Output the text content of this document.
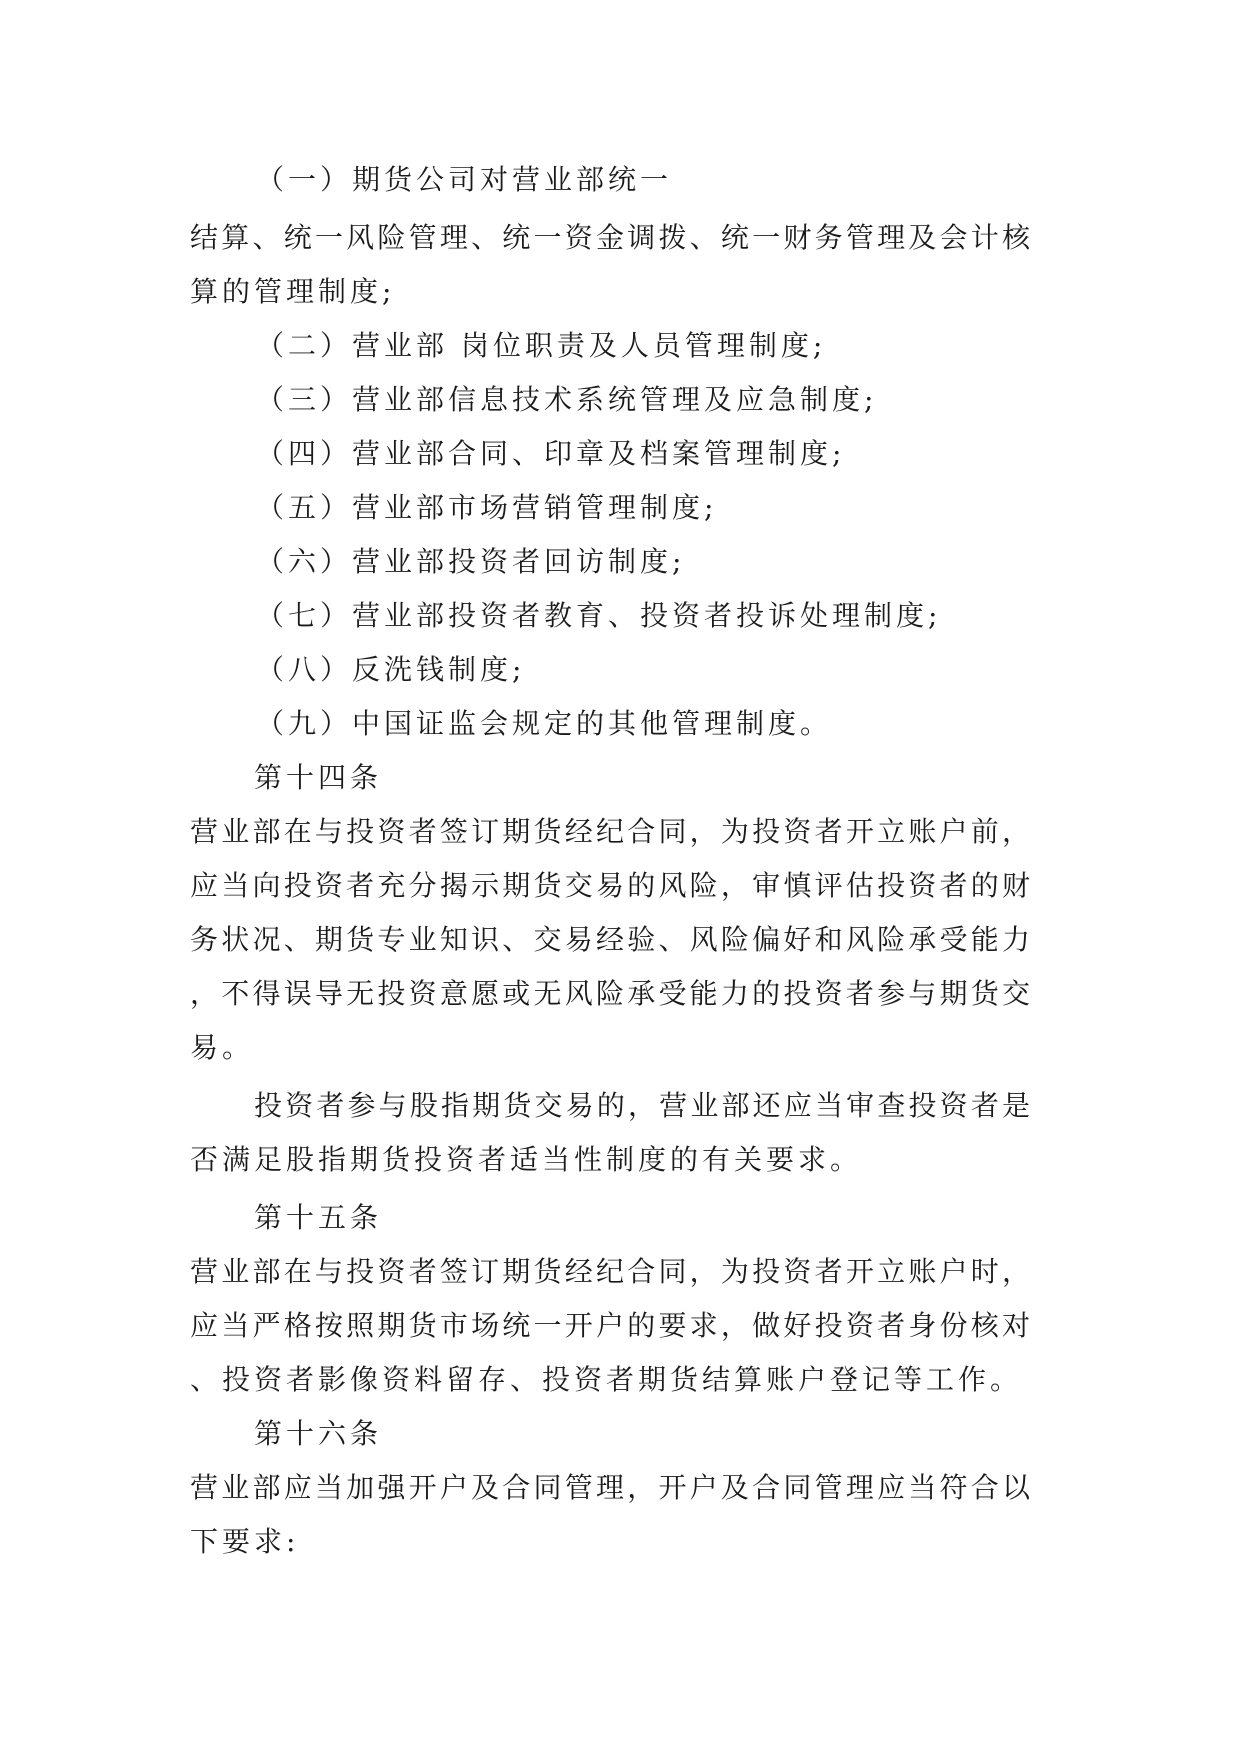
（一）期货公司对营业部统一

结算、统一风险管理、统一资金调拨、统一财务管理及会计核

算的管理制度;

（二）营业部 岗位职责及人员管理制度;

（三）营业部信息技术系统管理及应急制度;

（四）营业部合同、印章及档案管理制度;

（五）营业部市场营销管理制度;

（六）营业部投资者回访制度;

（七）营业部投资者教育、投资者投诉处理制度;

（八）反洗钱制度;

（九）中国证监会规定的其他管理制度。

第十四条

营业部在与投资者签订期货经纪合同，为投资者开立账户前，

应当向投资者充分揭示期货交易的风险，审慎评估投资者的财

务状况、期货专业知识、交易经验、风险偏好和风险承受能力

，不得误导无投资意愿或无风险承受能力的投资者参与期货交

易。

投资者参与股指期货交易的，营业部还应当审查投资者是

否满足股指期货投资者适当性制度的有关要求。

第十五条

营业部在与投资者签订期货经纪合同，为投资者开立账户时，

应当严格按照期货市场统一开户的要求，做好投资者身份核对

、投资者影像资料留存、投资者期货结算账户登记等工作。

第十六条

营业部应当加强开户及合同管理，开户及合同管理应当符合以

下要求:
